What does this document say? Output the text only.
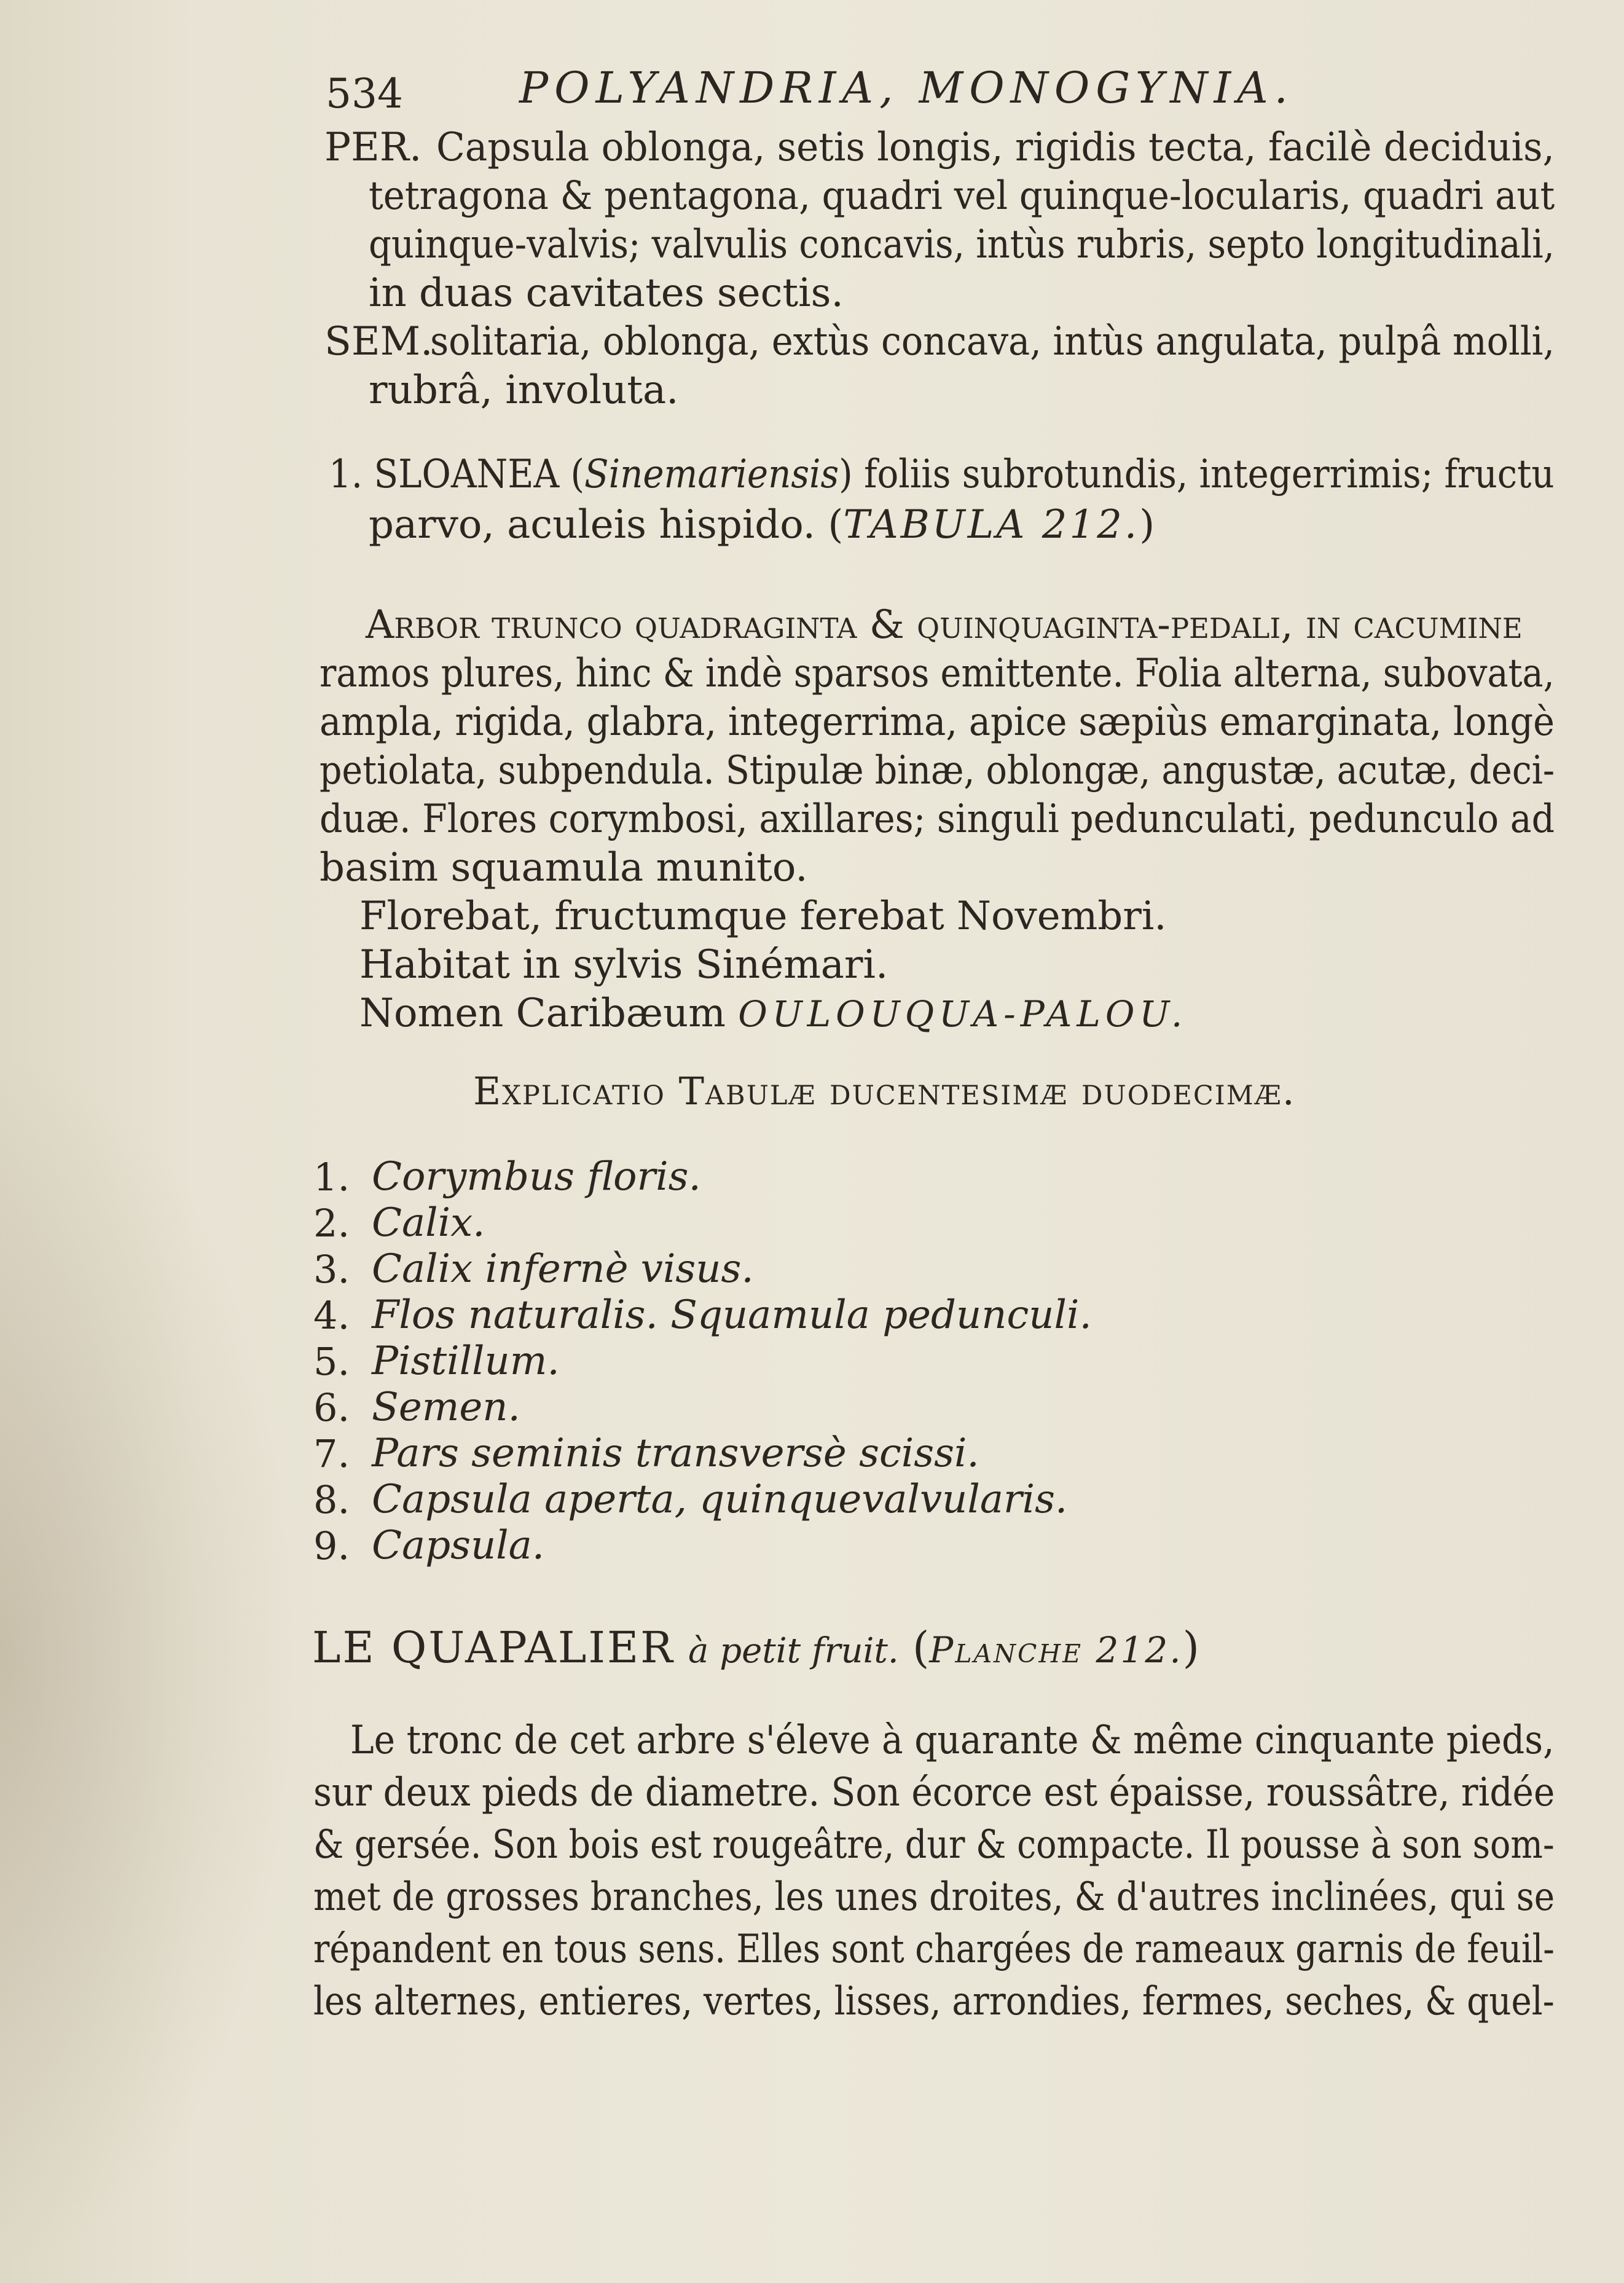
534	POLYANDRIA, MONOGYNIA.
PER. Capsula oblonga, setis longis, rigidis tecta, facilè deciduis,
tetragona & pentagona, quadri vel quinque-locularis, quadri aut
quinque-valvis; valvulis concavis, intùs rubris, septo longitudinali,
in duas cavitates sectis.
SEM.
solitaria, oblonga, extùs concava, intùs angulata, pulpâ molli,
rubrâ, involuta.
1. SLOANEA (Sinemariensis) foliis subrotundis, integerrimis; fructu
parvo, aculeis hispido. (TABULA 212.)
Arbor trunco quadraginta & quinquaginta-pedali, in cacumine
ramos plures, hinc & indè sparsos emittente. Folia alterna, subovata,
ampla, rigida, glabra, integerrima, apice sæpiùs emarginata, longè
petiolata, subpendula. Stipulæ binæ, oblongæ, angustæ, acutæ, deci-
duæ. Flores corymbosi, axillares; singuli pedunculati, pedunculo ad
basim squamula munito.
Florebat, fructumque ferebat Novembri.
Habitat in sylvis Sinémari.
Nomen Caribæum OULOUQUA-PALOU.
Explicatio Tabulæ ducentesimæ duodecimæ.
1. Corymbus floris.
2. Calix.
3. Calix infernè visus.
4. Flos naturalis. Squamula pedunculi.
5. Pistillum.
6. Semen.
7. Pars seminis transversè scissi.
8. Capsula aperta, quinquevalvularis.
9. Capsula.
LE QUAPALIER à petit fruit. (Planche 212.)
Le tronc de cet arbre s'éleve à quarante & même cinquante pieds,
sur deux pieds de diametre. Son écorce est épaisse, roussâtre, ridée
& gersée. Son bois est rougeâtre, dur & compacte. Il pousse à son som-
met de grosses branches, les unes droites, & d'autres inclinées, qui se
répandent en tous sens. Elles sont chargées de rameaux garnis de feuil-
les alternes, entieres, vertes, lisses, arrondies, fermes, seches, & quel-
